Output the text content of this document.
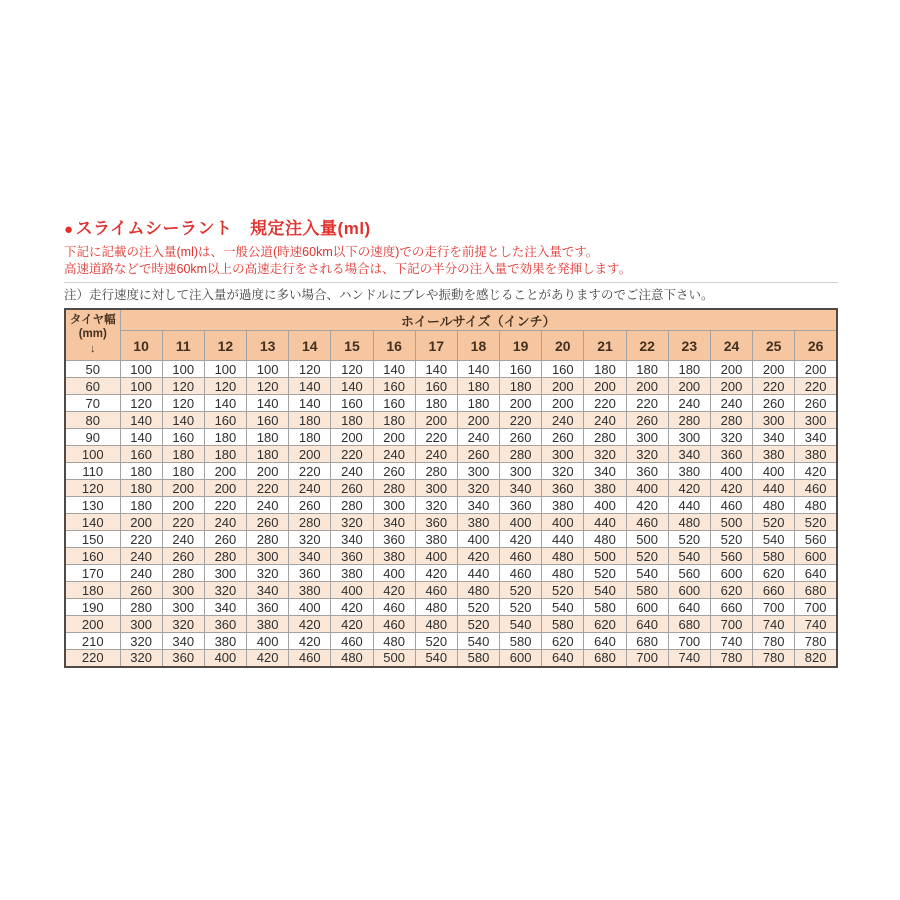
● スライムシーラント　規定注入量(ml)
下記に記載の注入量(ml)は、一般公道(時速60km以下の速度)での走行を前提とした注入量です。
高速道路などで時速60km以上の高速走行をされる場合は、下記の半分の注入量で効果を発揮します。
注）走行速度に対して注入量が過度に多い場合、ハンドルにブレや振動を感じることがありますのでご注意下さい。
タイヤ幅
(mm)
↓	ホイールサイズ（インチ）																
	10	11	12	13	14	15	16	17	18	19	20	21	22	23	24	25	26
50	100	100	100	100	120	120	140	140	140	160	160	180	180	180	200	200	200
60	100	120	120	120	140	140	160	160	180	180	200	200	200	200	200	220	220
70	120	120	140	140	140	160	160	180	180	200	200	220	220	240	240	260	260
80	140	140	160	160	180	180	180	200	200	220	240	240	260	280	280	300	300
90	140	160	180	180	180	200	200	220	240	260	260	280	300	300	320	340	340
100	160	180	180	180	200	220	240	240	260	280	300	320	320	340	360	380	380
110	180	180	200	200	220	240	260	280	300	300	320	340	360	380	400	400	420
120	180	200	200	220	240	260	280	300	320	340	360	380	400	420	420	440	460
130	180	200	220	240	260	280	300	320	340	360	380	400	420	440	460	480	480
140	200	220	240	260	280	320	340	360	380	400	400	440	460	480	500	520	520
150	220	240	260	280	320	340	360	380	400	420	440	480	500	520	520	540	560
160	240	260	280	300	340	360	380	400	420	460	480	500	520	540	560	580	600
170	240	280	300	320	360	380	400	420	440	460	480	520	540	560	600	620	640
180	260	300	320	340	380	400	420	460	480	520	520	540	580	600	620	660	680
190	280	300	340	360	400	420	460	480	520	520	540	580	600	640	660	700	700
200	300	320	360	380	420	420	460	480	520	540	580	620	640	680	700	740	740
210	320	340	380	400	420	460	480	520	540	580	620	640	680	700	740	780	780
220	320	360	400	420	460	480	500	540	580	600	640	680	700	740	780	780	820
